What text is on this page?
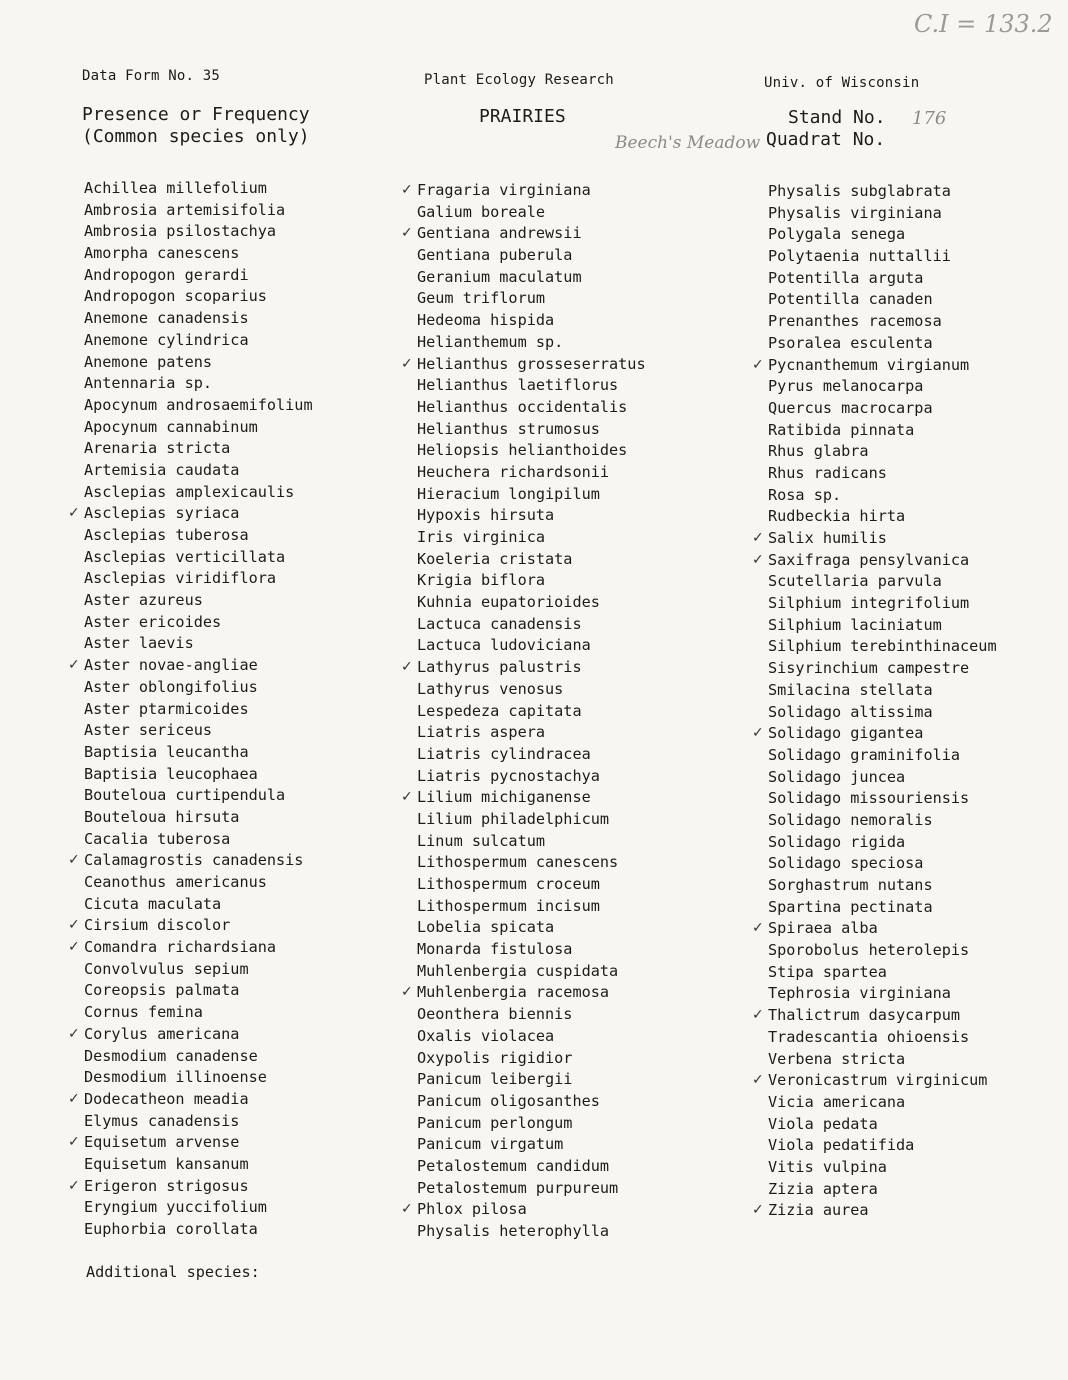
Data Form No. 35	Plant Ecology Research	Univ. of Wisconsin
Presence or Frequency
(Common species only)
PRAIRIES	Stand No.
Quadrat No.
C.I = 133.2
176
Beech's Meadow
Achillea millefolium
Ambrosia artemisifolia
Ambrosia psilostachya
Amorpha canescens
Andropogon gerardi
Andropogon scoparius
Anemone canadensis
Anemone cylindrica
Anemone patens
Antennaria sp.
Apocynum androsaemifolium
Apocynum cannabinum
Arenaria stricta
Artemisia caudata
Asclepias amplexicaulis
✓ Asclepias syriaca
Asclepias tuberosa
Asclepias verticillata
Asclepias viridiflora
Aster azureus
Aster ericoides
Aster laevis
✓ Aster novae-angliae
Aster oblongifolius
Aster ptarmicoides
Aster sericeus
Baptisia leucantha
Baptisia leucophaea
Bouteloua curtipendula
Bouteloua hirsuta
Cacalia tuberosa
✓ Calamagrostis canadensis
Ceanothus americanus
Cicuta maculata
✓ Cirsium discolor
✓ Comandra richardsiana
Convolvulus sepium
Coreopsis palmata
Cornus femina
✓ Corylus americana
Desmodium canadense
Desmodium illinoense
✓ Dodecatheon meadia
Elymus canadensis
✓ Equisetum arvense
Equisetum kansanum
✓ Erigeron strigosus
Eryngium yuccifolium
Euphorbia corollata
✓ Fragaria virginiana
Galium boreale
✓ Gentiana andrewsii
Gentiana puberula
Geranium maculatum
Geum triflorum
Hedeoma hispida
Helianthemum sp.
✓ Helianthus grosseserratus
Helianthus laetiflorus
Helianthus occidentalis
Helianthus strumosus
Heliopsis helianthoides
Heuchera richardsonii
Hieracium longipilum
Hypoxis hirsuta
Iris virginica
Koeleria cristata
Krigia biflora
Kuhnia eupatorioides
Lactuca canadensis
Lactuca ludoviciana
✓ Lathyrus palustris
Lathyrus venosus
Lespedeza capitata
Liatris aspera
Liatris cylindracea
Liatris pycnostachya
✓ Lilium michiganense
Lilium philadelphicum
Linum sulcatum
Lithospermum canescens
Lithospermum croceum
Lithospermum incisum
Lobelia spicata
Monarda fistulosa
Muhlenbergia cuspidata
✓ Muhlenbergia racemosa
Oeonthera biennis
Oxalis violacea
Oxypolis rigidior
Panicum leibergii
Panicum oligosanthes
Panicum perlongum
Panicum virgatum
Petalostemum candidum
Petalostemum purpureum
✓ Phlox pilosa
Physalis heterophylla
Physalis subglabrata
Physalis virginiana
Polygala senega
Polytaenia nuttallii
Potentilla arguta
Potentilla canaden
Prenanthes racemosa
Psoralea esculenta
✓ Pycnanthemum virgianum
Pyrus melanocarpa
Quercus macrocarpa
Ratibida pinnata
Rhus glabra
Rhus radicans
Rosa sp.
Rudbeckia hirta
✓ Salix humilis
✓ Saxifraga pensylvanica
Scutellaria parvula
Silphium integrifolium
Silphium laciniatum
Silphium terebinthinaceum
Sisyrinchium campestre
Smilacina stellata
Solidago altissima
✓ Solidago gigantea
Solidago graminifolia
Solidago juncea
Solidago missouriensis
Solidago nemoralis
Solidago rigida
Solidago speciosa
Sorghastrum nutans
Spartina pectinata
✓ Spiraea alba
Sporobolus heterolepis
Stipa spartea
Tephrosia virginiana
✓ Thalictrum dasycarpum
Tradescantia ohioensis
Verbena stricta
✓ Veronicastrum virginicum
Vicia americana
Viola pedata
Viola pedatifida
Vitis vulpina
Zizia aptera
✓ Zizia aurea
Additional species:
